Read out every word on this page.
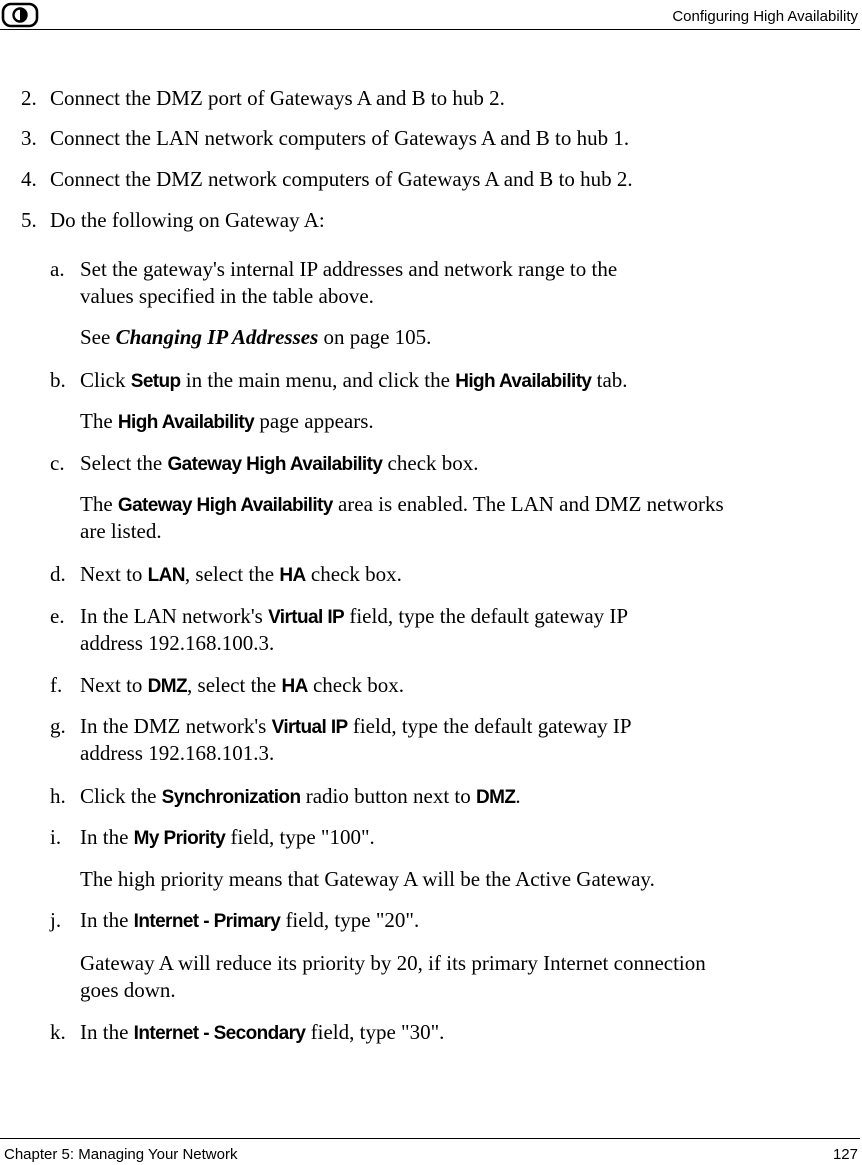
Configuring High Availability
2. Connect the DMZ port of Gateways A and B to hub 2.
3. Connect the LAN network computers of Gateways A and B to hub 1.
4. Connect the DMZ network computers of Gateways A and B to hub 2.
5. Do the following on Gateway A:
a. Set the gateway's internal IP addresses and network range to the
values specified in the table above.
See Changing IP Addresses on page 105.
b. Click Setup in the main menu, and click the High Availability tab.
The High Availability page appears.
c. Select the Gateway High Availability check box.
The Gateway High Availability area is enabled. The LAN and DMZ networks
are listed.
d. Next to LAN, select the HA check box.
e. In the LAN network's Virtual IP field, type the default gateway IP
address 192.168.100.3.
f. Next to DMZ, select the HA check box.
g. In the DMZ network's Virtual IP field, type the default gateway IP
address 192.168.101.3.
h. Click the Synchronization radio button next to DMZ.
i. In the My Priority field, type "100".
The high priority means that Gateway A will be the Active Gateway.
j. In the Internet - Primary field, type "20".
Gateway A will reduce its priority by 20, if its primary Internet connection
goes down.
k. In the Internet - Secondary field, type "30".
Chapter 5: Managing Your Network	127
